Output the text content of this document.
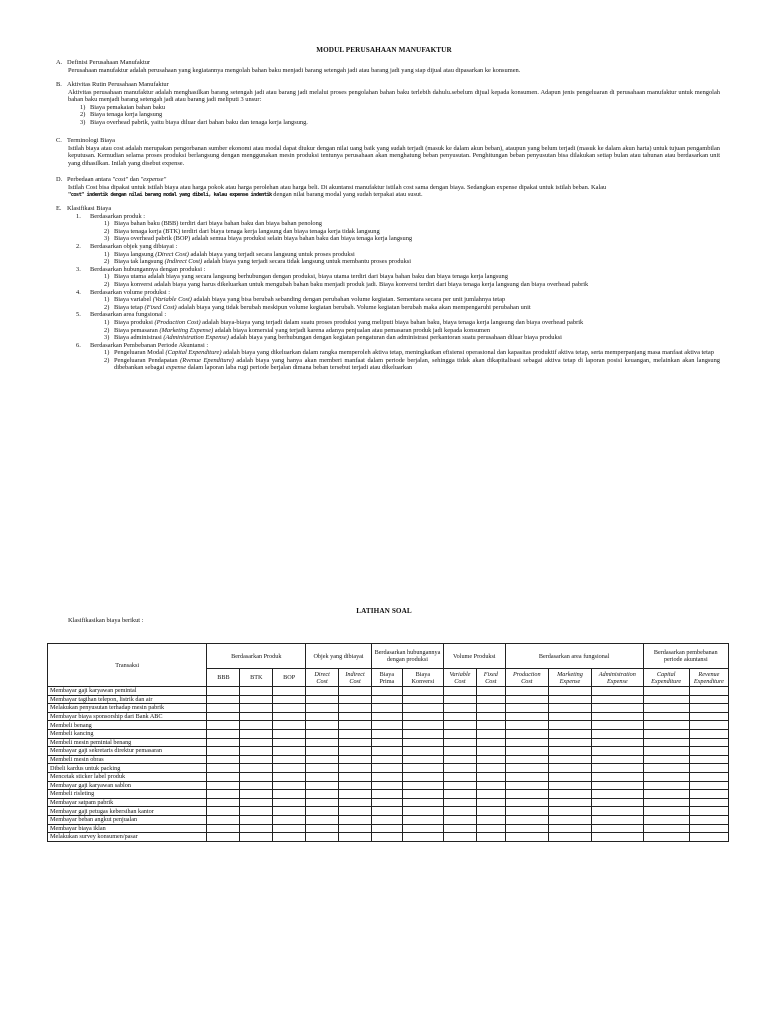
MODUL PERUSAHAAN MANUFAKTUR
A. Definisi Perusahaan Manufaktur
Perusahaan manufaktur adalah perusahaan yang kegiatannya mengolah bahan baku menjadi barang setengah jadi atau barang jadi yang siap dijual atau dipasarkan ke konsumen.
B. Aktivitas Rutin Perusahaan Manufaktur
Aktivitas perusahaan manufaktur adalah menghasilkan barang setengah jadi atau barang jadi melalui proses pengolahan bahan baku terlebih dahulu.sebelum dijual kepada konsumen. Adapun jenis pengeluaran di perusahaan manufaktur untuk mengolah bahan baku menjadi barang setengah jadi atau barang jadi meliputi 3 unsur:
1) Biaya pemakaian bahan baku
2) Biaya tenaga kerja langsung
3) Biaya overhead pabrik, yaitu biaya diluar dari bahan baku dan tenaga kerja langsung.
C. Terminologi Biaya
Istilah biaya atau cost adalah merupakan pengorbanan sumber ekonomi atau modal dapat diukur dengan nilai uang baik yang sudah terjadi (masuk ke dalam akun beban), ataupun yang belum terjadi (masuk ke dalam akun harta) untuk tujuan pengambilan keputusan. Kemudian selama proses produksi berlangsung dengan menggunakan mesin produksi tentunya perusahaan akan menghatung beban penyusutan. Penghitungan beban penyusutan bisa dilakukan setiap bulan atau tahunan atau berdasarkan unit yang dihasilkan. Inilah yang disebut expense.
D. Perbedaan antara "cost" dan "expense"
Istilah Cost bisa dipakai untuk istilah biaya atau harga pokok atau harga perolehan atau harga beli. Di akuntansi manufaktur istilah cost sama dengan biaya. Sedangkan expense dipakai untuk istilah beban. Kalau
"cost" indentik dengan nilai barang modal yang dibeli, kalau expense indentik dengan nilai barang modal yang sudah terpakai atau susut.
E. Klasifikasi Biaya
1.	Berdasarkan produk :
1) Biaya bahan baku (BBB) terdiri dari biaya bahan baku dan biaya bahan penolong
2) Biaya tenaga kerja (BTK) terdiri dari biaya tenaga kerja langsung dan biaya tenaga kerja tidak langsung
3) Biaya overhead pabrik (BOP) adalah semua biaya produksi selain biaya bahan baku dan biaya tenaga kerja langsung
2.	Berdasarkan objek yang dibiayai :
1) Biaya langsung (Direct Cost) adalah biaya yang terjadi secara langsung untuk proses produksi
2) Biaya tak langsung (Indirect Cost) adalah biaya yang terjadi secara tidak langsung untuk membantu proses produksi
3.	Berdasarkan hubungannya dengan produksi :
1) Biaya utama adalah biaya yang secara langsung berhubungan dengan produksi, biaya utama terdiri dari biaya bahan baku dan biaya tenaga kerja langsung
2) Biaya konversi adalah biaya yang harus dikeluarkan untuk mengubah bahan baku menjadi produk jadi. Biaya konversi terdiri dari biaya tenaga kerja langsung dan biaya overhead pabrik
4.	Berdasarkan volume produksi :
1) Biaya variabel (Variable Cost) adalah biaya yang bisa berubah sebanding dengan perubahan volume kegiatan. Sementara secara per unit jumlahnya tetap
2) Biaya tetap (Fixed Cost) adalah biaya yang tidak berubah meskipun volume kegiatan berubah. Volume kegiatan berubah maka akan mempengaruhi perubahan unit
5.	Berdasarkan area fungsional :
1) Biaya produksi (Production Cost) adalah biaya-biaya yang terjadi dalam suatu proses produksi yang meliputi biaya bahan baku, biaya tenaga kerja langsung dan biaya overhead pabrik
2) Biaya pemasaran (Marketing Expense) adalah biaya komersial yang terjadi karena adanya penjualan atau pemasaran produk jadi kepada konsumen
3) Biaya administrasi (Administration Expense) adalah biaya yang berhubungan dengan kegiatan pengaturan dan administrasi perkantoran suatu perusahaan diluar biaya produksi
6.	Berdasarkan Pembebanan Periode Akuntansi :
1) Pengeluaran Modal (Capital Expenditure) adalah biaya yang dikeluarkan dalam rangka memperoleh aktiva tetap, meningkatkan efisiensi operasional dan kapasitas produktif aktiva tetap, serta memperpanjang masa manfaat aktiva tetap
2) Pengeluaran Pendapatan (Rvenue Ependiture) adalah biaya yang hanya akan memberi manfaat dalam periode berjalan, sehingga tidak akan dikapitalisasi sebagai aktiva tetap di laporan posisi keuangan, melainkan akan langsung dibebankan sebagai expense dalam laporan laba rugi periode berjalan dimana beban tersebut terjadi atau dikeluarkan
LATIHAN SOAL
Klasifikasikan biaya berikut :
Transaksi	Berdasarkan Produk			Objek yang dibiayai		Berdasarkan hubungannya dengan produksi		Volume Produksi		Berdasarkan area fungsional			Berdasarkan pembebanan periode akuntansi	
	BBB	BTK	BOP	Direct Cost	Indirect Cost	Biaya Prima	Biaya Konversi	Variable Cost	Fixed Cost	Production Cost	Marketing Expense	Administration Expense	Capital Expenditure	Revenue Expenditure
Membayar gaji karyawan pemintal														
Membayar tagihan telepon, listrik dan air														
Melakukan penyusutan terhadap mesin pabrik														
Membayar biaya sponsorship dari Bank ABC														
Membeli benang														
Membeli kancing														
Membeli mesin pemintal benang														
Membayar gaji sekretaris direktur pemasaran														
Membeli mesin obras														
Dibeli kardus untuk packing														
Mencetak sticker label produk														
Membayar gaji karyawan sablon														
Membeli risleting														
Membayar satpam pabrik														
Membayar gaji petugas kebersihan kantor														
Membayar beban angkut penjualan														
Membayar biaya iklan														
Melakukan survey konsumen/pasar														
